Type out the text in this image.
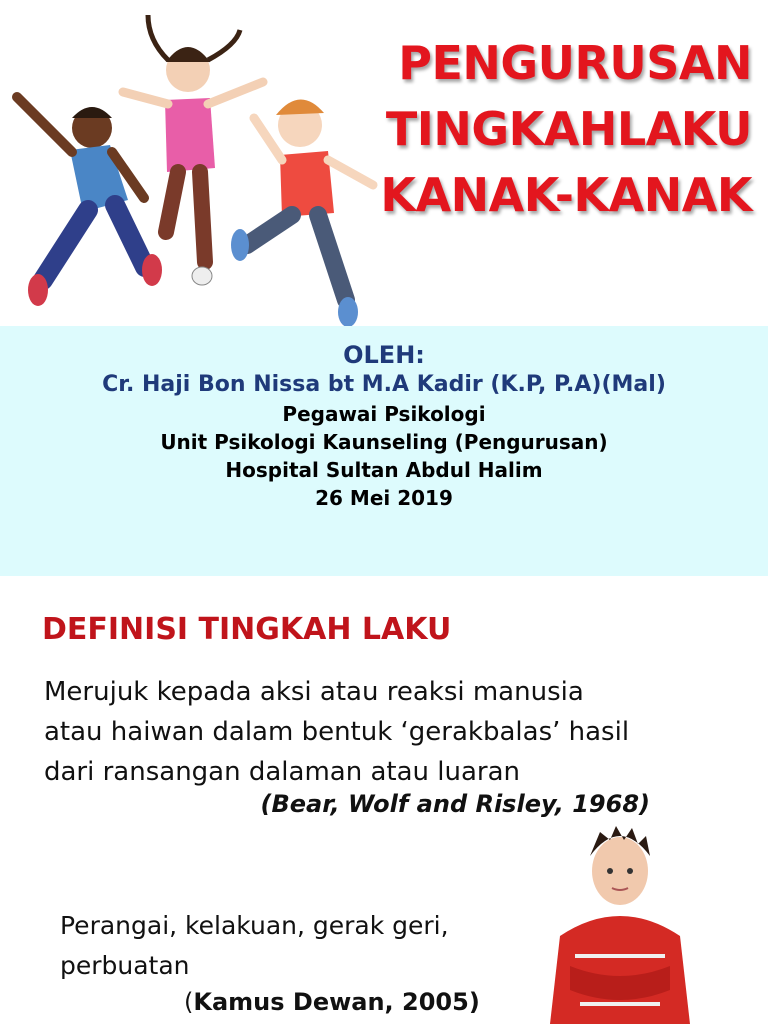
PENGURUSAN
TINGKAHLAKU
KANAK-KANAK
OLEH:
Cr. Haji Bon Nissa bt M.A Kadir (K.P, P.A)(Mal)
Pegawai Psikologi
Unit Psikologi Kaunseling (Pengurusan)
Hospital Sultan Abdul Halim
26 Mei 2019
DEFINISI TINGKAH LAKU
Merujuk kepada aksi atau reaksi manusia
atau haiwan dalam bentuk ‘gerakbalas’ hasil
dari ransangan dalaman atau luaran
(Bear, Wolf and Risley, 1968)
Perangai, kelakuan, gerak geri,
perbuatan
(Kamus Dewan, 2005)
